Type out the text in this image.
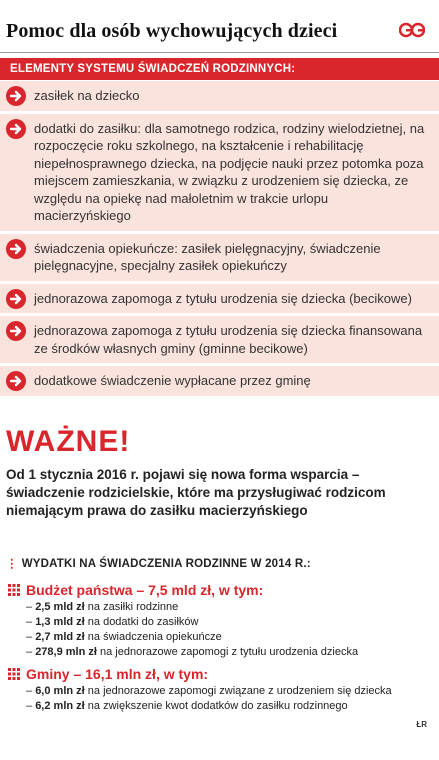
Pomoc dla osób wychowujących dzieci
ELEMENTY SYSTEMU ŚWIADCZEŃ RODZINNYCH:
zasiłek na dziecko
dodatki do zasiłku: dla samotnego rodzica, rodziny wielodzietnej, na rozpoczęcie roku szkolnego, na kształcenie i rehabilitację niepełnosprawnego dziecka, na podjęcie nauki przez potomka poza miejscem zamieszkania, w związku z urodzeniem się dziecka, ze względu na opiekę nad małoletnim w trakcie urlopu macierzyńskiego
świadczenia opiekuńcze: zasiłek pielęgnacyjny, świadczenie pielęgnacyjne, specjalny zasiłek opiekuńczy
jednorazowa zapomoga z tytułu urodzenia się dziecka (becikowe)
jednorazowa zapomoga z tytułu urodzenia się dziecka finansowana ze środków własnych gminy (gminne becikowe)
dodatkowe świadczenie wypłacane przez gminę
WAŻNE!
Od 1 stycznia 2016 r. pojawi się nowa forma wsparcia – świadczenie rodzicielskie, które ma przysługiwać rodzicom niemającym prawa do zasiłku macierzyńskiego
⋮ WYDATKI NA ŚWIADCZENIA RODZINNE W 2014 R.:
Budżet państwa – 7,5 mld zł, w tym:
– 2,5 mld zł na zasiłki rodzinne
– 1,3 mld zł na dodatki do zasiłków
– 2,7 mld zł na świadczenia opiekuńcze
– 278,9 mln zł na jednorazowe zapomogi z tytułu urodzenia dziecka
Gminy – 16,1 mln zł, w tym:
– 6,0 mln zł na jednorazowe zapomogi związane z urodzeniem się dziecka
– 6,2 mln zł na zwiększenie kwot dodatków do zasiłku rodzinnego
ŁR
